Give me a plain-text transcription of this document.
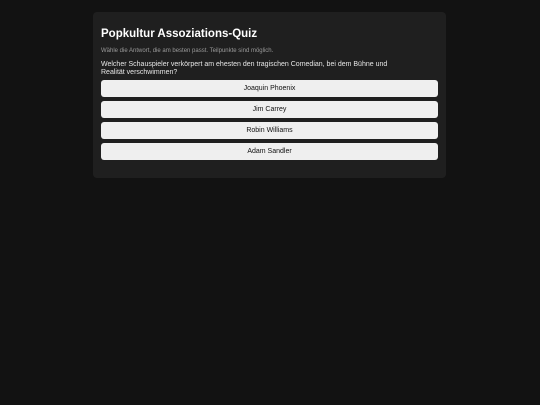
Popkultur Assoziations-Quiz

Wähle die Antwort, die am besten passt. Teilpunkte sind möglich.

Welcher Schauspieler verkörpert am ehesten den tragischen Comedian, bei dem Bühne und Realität verschwimmen?

Joaquin Phoenix
Jim Carrey
Robin Williams
Adam Sandler
